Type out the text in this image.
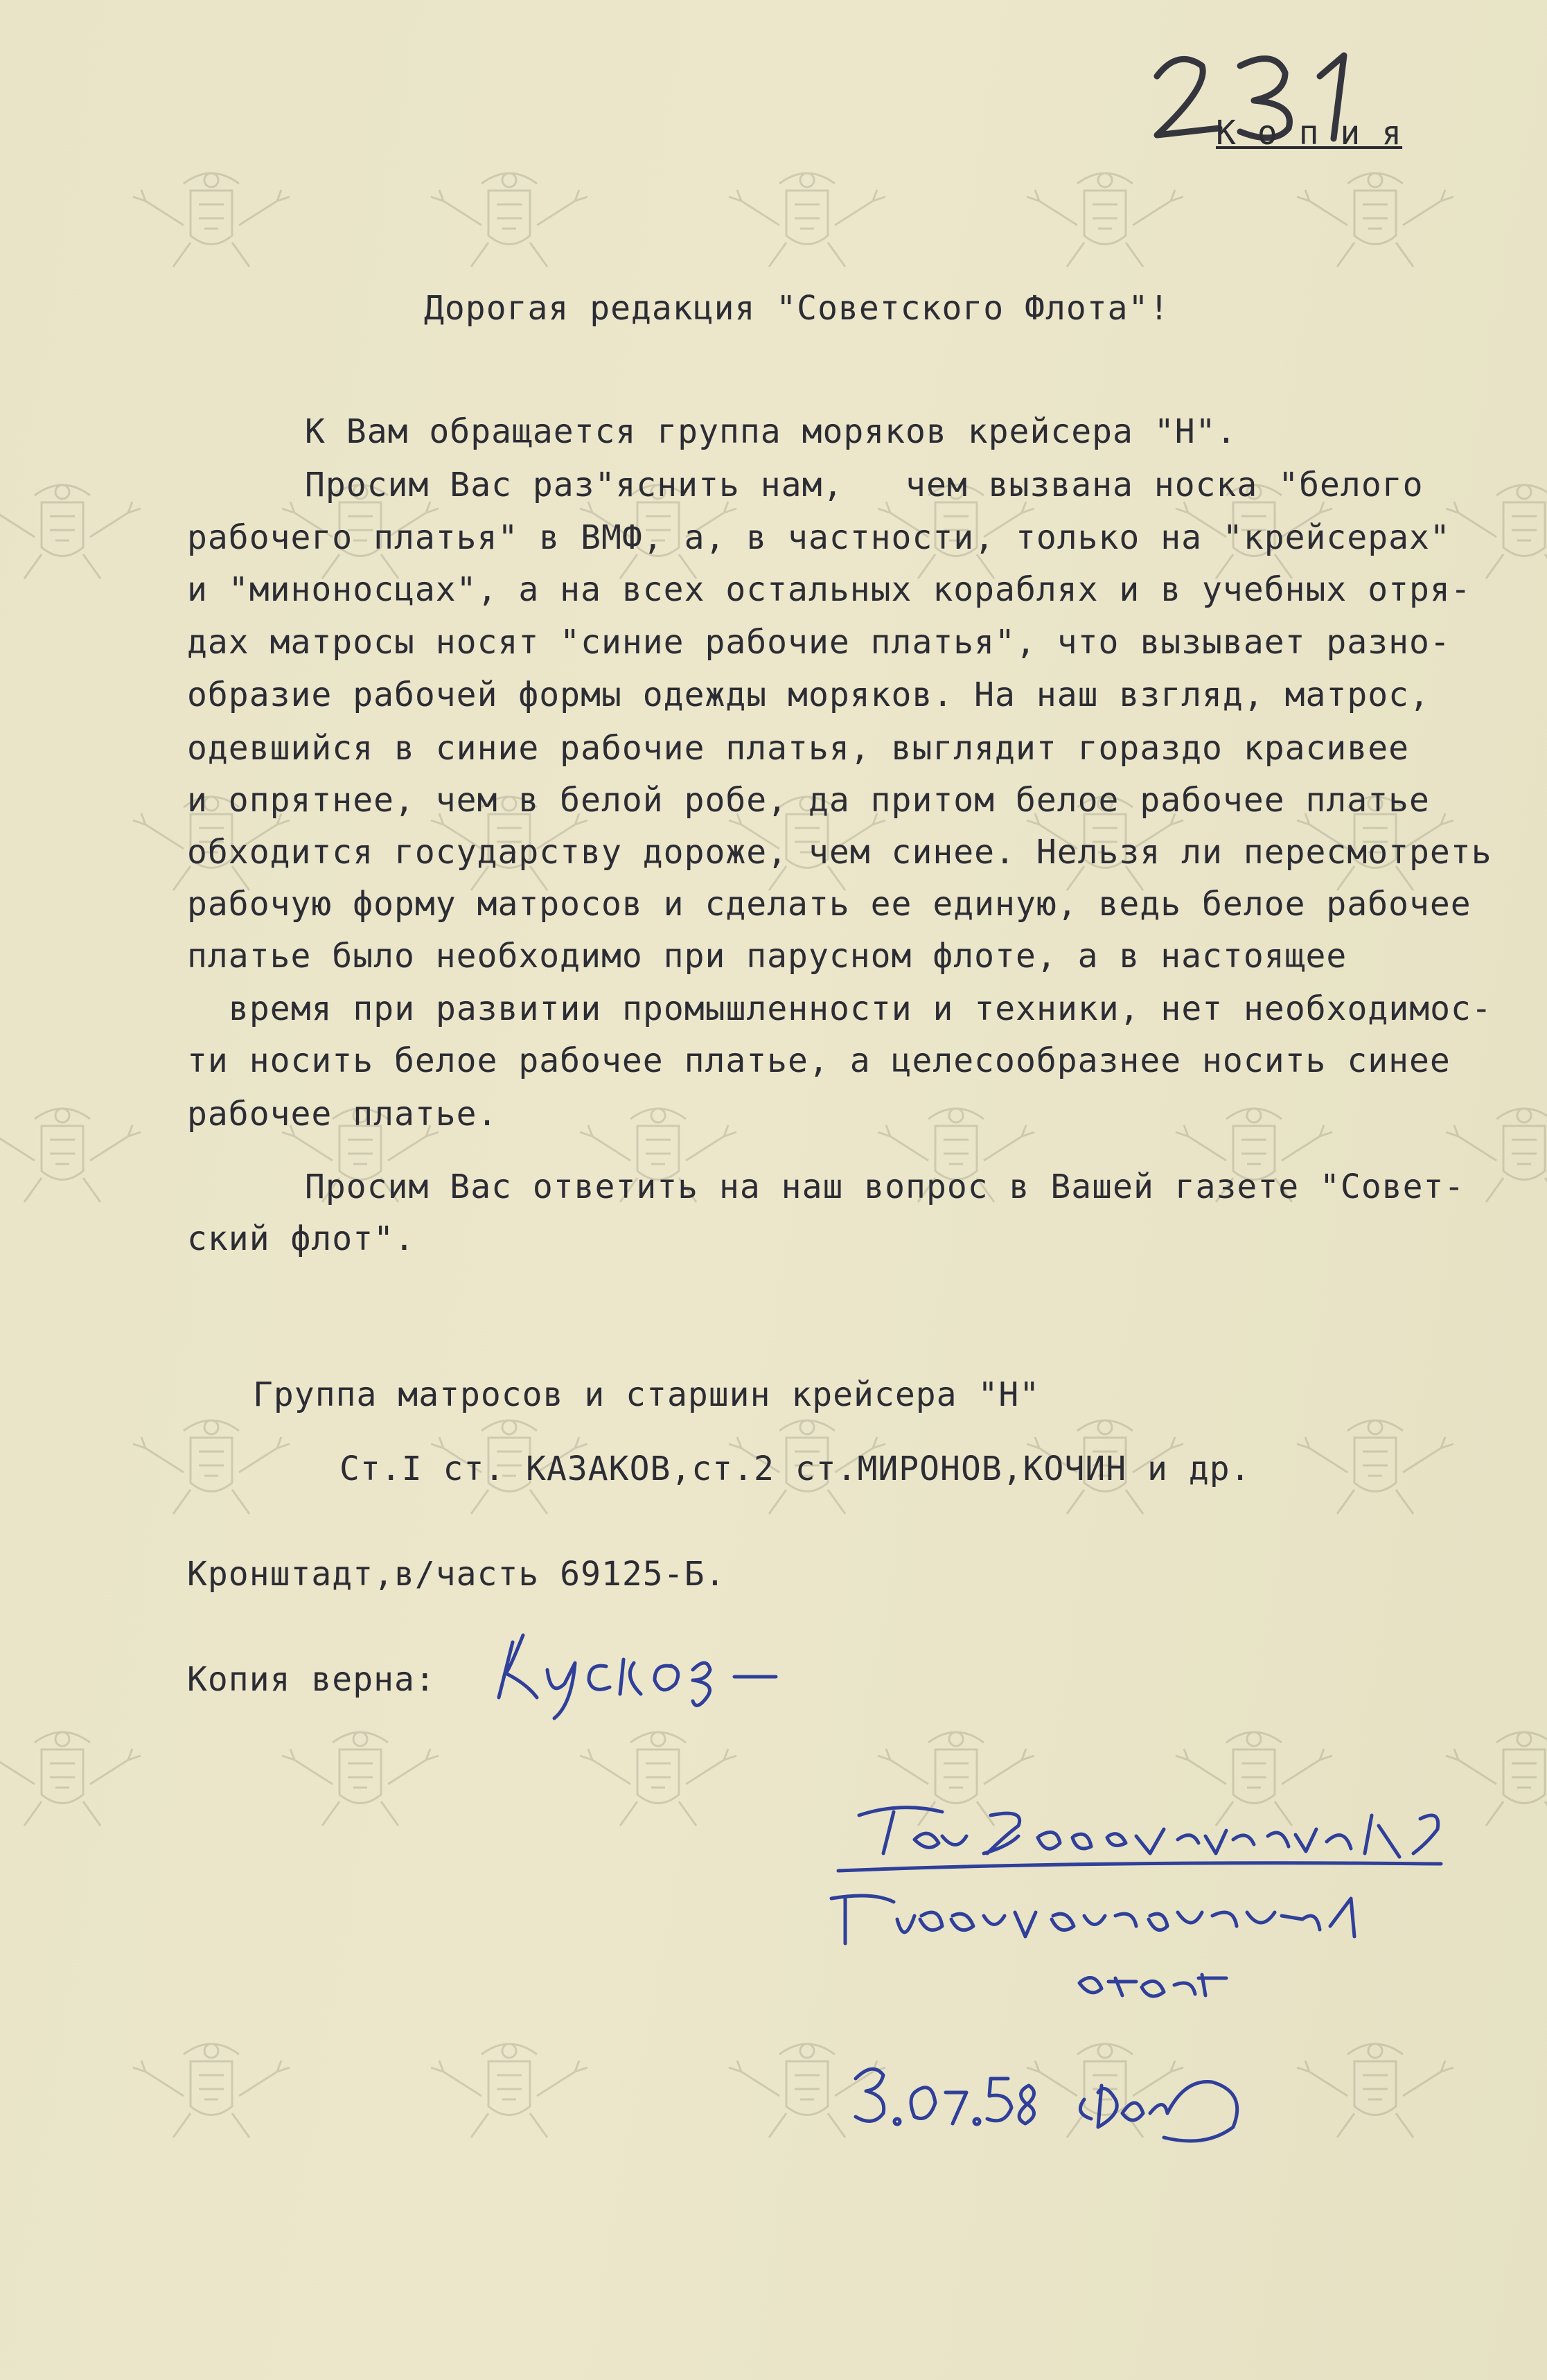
К о п и я
Дорогая редакция "Советского Флота"!
К Вам обращается группа моряков крейсера "Н".
Просим Вас раз"яснить нам,   чем вызвана носка "белого
рабочего платья" в ВМФ, а, в частности, только на "крейсерах"
и "миноносцах", а на всех остальных кораблях и в учебных отря-
дах матросы носят "синие рабочие платья", что вызывает разно-
образие рабочей формы одежды моряков. На наш взгляд, матрос,
одевшийся в синие рабочие платья, выглядит гораздо красивее
и опрятнее, чем в белой робе, да притом белое рабочее платье
обходится государству дороже, чем синее. Нельзя ли пересмотреть
рабочую форму матросов и сделать ее единую, ведь белое рабочее
платье было необходимо при парусном флоте, а в настоящее
время при развитии промышленности и техники, нет необходимос-
ти носить белое рабочее платье, а целесообразнее носить синее
рабочее платье.
Просим Вас ответить на наш вопрос в Вашей газете "Совет-
ский флот".
Группа матросов и старшин крейсера "Н"
Ст.I ст. КАЗАКОВ,ст.2 ст.МИРОНОВ,КОЧИН и др.
Кронштадт,в/часть 69125-Б.
Копия верна:
